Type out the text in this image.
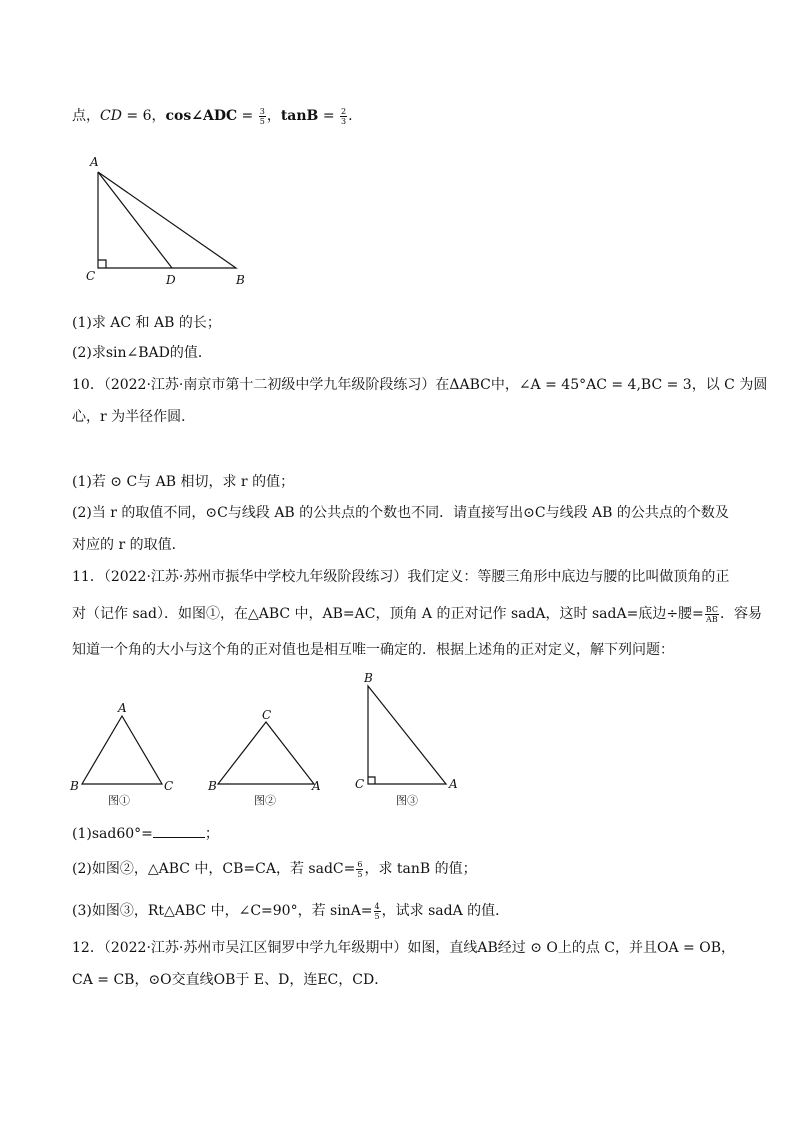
点，CD = 6，cos∠ADC = $\frac{3}{5}$ ，$\tan B = \frac{2}{3}$ .
A
C	D	B
(1)求 AC 和 AB 的长；
(2)求sin∠BAD的值．
10．（2022·江苏·南京市第十二初级中学九年级阶段练习）在ΔABC中，∠A = 45°AC = 4,BC = 3，以 C 为圆
心，r 为半径作圆．
(1)若 ⊙ C与 AB 相切，求 r 的值；
(2)当 r 的取值不同，⊙C与线段 AB 的公共点的个数也不同．请直接写出⊙C与线段 AB 的公共点的个数及
对应的 r 的取值．
11．（2022·江苏·苏州市振华中学校九年级阶段练习）我们定义：等腰三角形中底边与腰的比叫做顶角的正
对（记作 sad）．如图①，在△ABC 中，AB=AC，顶角 A 的正对记作 sadA，这时 sadA=底边÷腰= $\frac{BC}{AB}$ ．容易
知道一个角的大小与这个角的正对值也是相互唯一确定的．根据上述角的正对定义，解下列问题：
A
B	C
图①
C
B	A
图②
B
C	A
图③
(1)sad60°=	；
(2)如图②，△ABC 中，CB=CA，若 sadC= $\frac{6}{5}$ ，求 tanB 的值；
(3)如图③，Rt△ABC 中，∠C=90°，若 $\sin A= \frac{4}{5}$ ，试求 sadA 的值．
12．（2022·江苏·苏州市吴江区铜罗中学九年级期中）如图，直线AB经过 ⊙ O上的点 C，并且OA = OB，
CA = CB，⊙O交直线OB于 E、D，连EC，CD．
